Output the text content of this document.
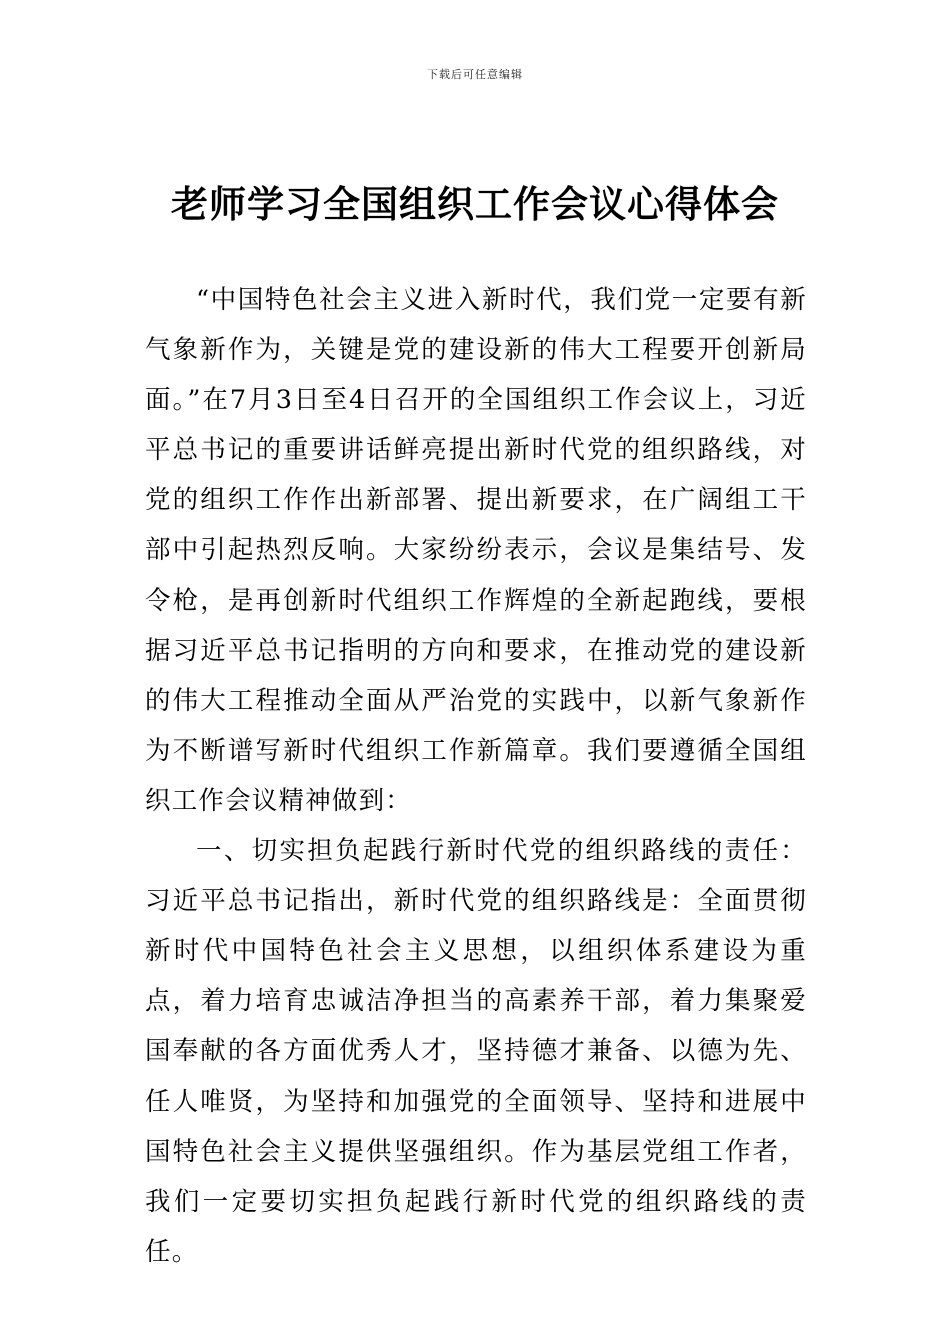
下载后可任意编辑
老师学习全国组织工作会议心得体会

“中国特色社会主义进入新时代，我们党一定要有新气象新作为，关键是党的建设新的伟大工程要开创新局面。”在7月3日至4日召开的全国组织工作会议上，习近平总书记的重要讲话鲜亮提出新时代党的组织路线，对党的组织工作作出新部署、提出新要求，在广阔组工干部中引起热烈反响。大家纷纷表示，会议是集结号、发令枪，是再创新时代组织工作辉煌的全新起跑线，要根据习近平总书记指明的方向和要求，在推动党的建设新的伟大工程推动全面从严治党的实践中，以新气象新作为不断谱写新时代组织工作新篇章。我们要遵循全国组织工作会议精神做到：

一、切实担负起践行新时代党的组织路线的责任：习近平总书记指出，新时代党的组织路线是：全面贯彻新时代中国特色社会主义思想，以组织体系建设为重点，着力培育忠诚洁净担当的高素养干部，着力集聚爱国奉献的各方面优秀人才，坚持德才兼备、以德为先、任人唯贤，为坚持和加强党的全面领导、坚持和进展中国特色社会主义提供坚强组织。作为基层党组工作者，我们一定要切实担负起践行新时代党的组织路线的责任。
